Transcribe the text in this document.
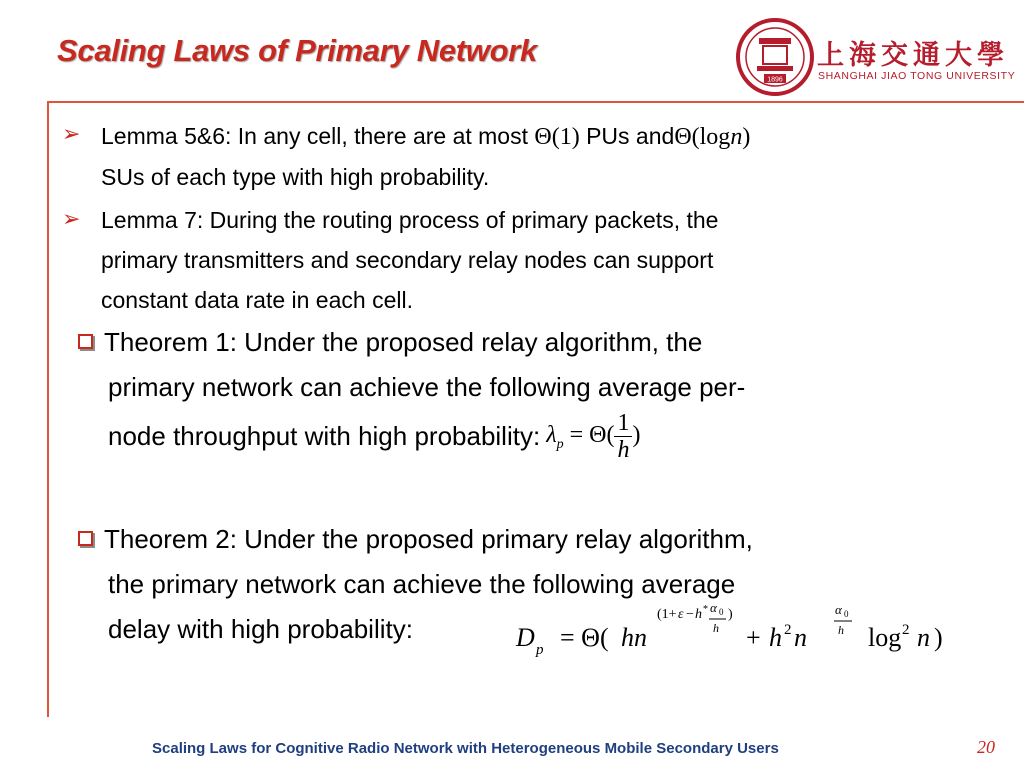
Scaling Laws of Primary Network
1896
上海交通大學
SHANGHAI JIAO TONG UNIVERSITY
➢ Lemma 5&6: In any cell, there are at most Θ(1) PUs andΘ(logn)
SUs of each type with high probability.
➢ Lemma 7: During the routing process of primary packets, the
primary transmitters and secondary relay nodes can support
constant data rate in each cell.
Theorem 1: Under the proposed relay algorithm, the
primary network can achieve the following average per-
node throughput with high probability: $\lambda_p = \Theta( \frac{1}{h}$ )
Theorem 2: Under the proposed primary relay algorithm,
the primary network can achieve the following average
delay with high probability:	D p = Θ( hn
(1+ ε − h * α 0
h
)
+ h 2 n
α 0
h log 2 n )
Scaling Laws for Cognitive Radio Network with Heterogeneous Mobile Secondary Users	20
